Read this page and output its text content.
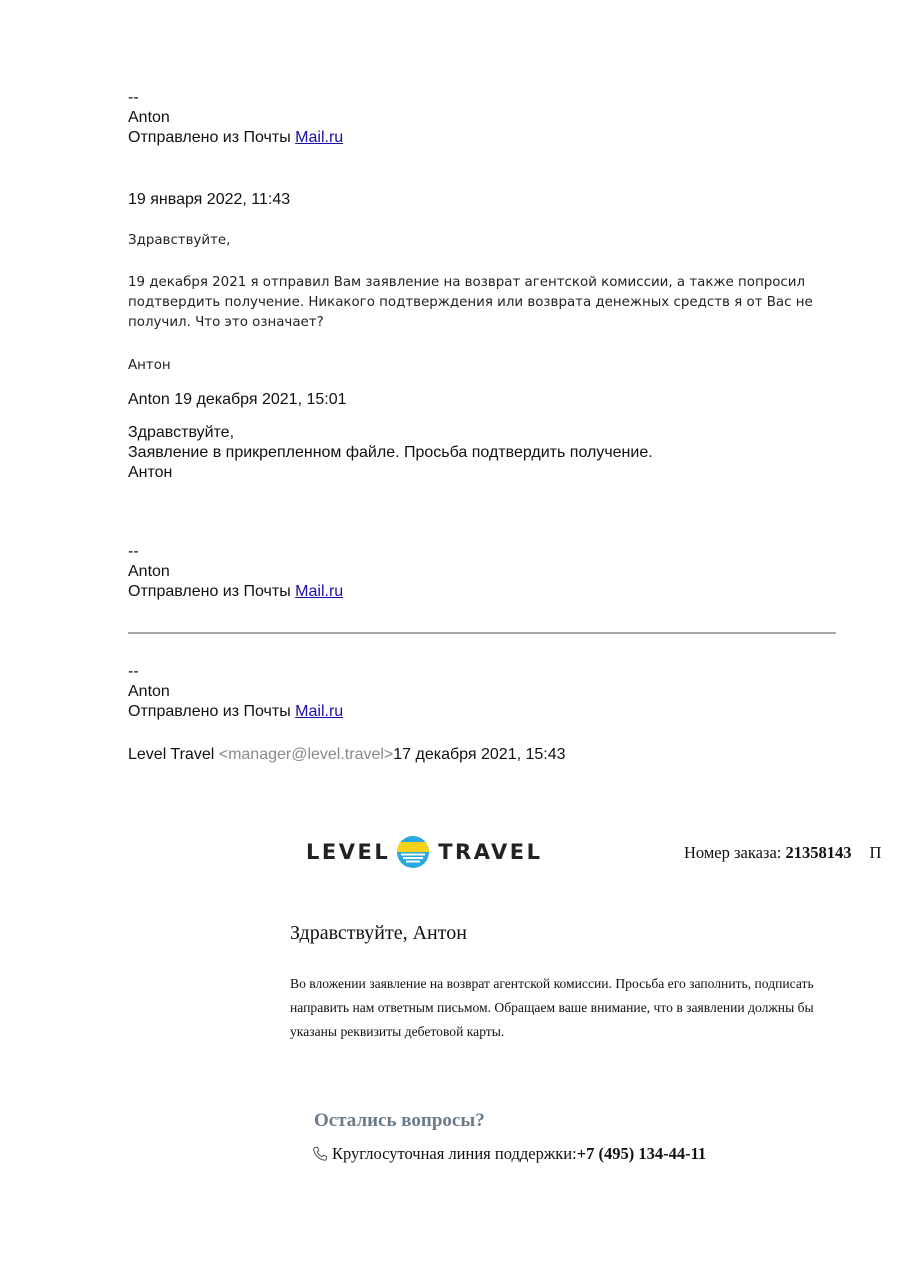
--
Anton
Отправлено из Почты Mail.ru
19 января 2022, 11:43
Здравствуйте,
19 декабря 2021 я отправил Вам заявление на возврат агентской комиссии, а также попросил
подтвердить получение. Никакого подтверждения или возврата денежных средств я от Вас не
получил. Что это означает?
Антон
Anton 19 декабря 2021, 15:01
Здравствуйте,
Заявление в прикрепленном файле. Просьба подтвердить получение.
Антон
--
Anton
Отправлено из Почты Mail.ru
--
Anton
Отправлено из Почты Mail.ru
Level Travel <manager@level.travel>17 декабря 2021, 15:43
LEVEL TRAVEL	Номер заказа: 21358143 П
Здравствуйте, Антон
Во вложении заявление на возврат агентской комиссии. Просьба его заполнить, подписать
направить нам ответным письмом. Обращаем ваше внимание, что в заявлении должны бы
указаны реквизиты дебетовой карты.
Остались вопросы?
Круглосуточная линия поддержки: +7 (495) 134-44-11
